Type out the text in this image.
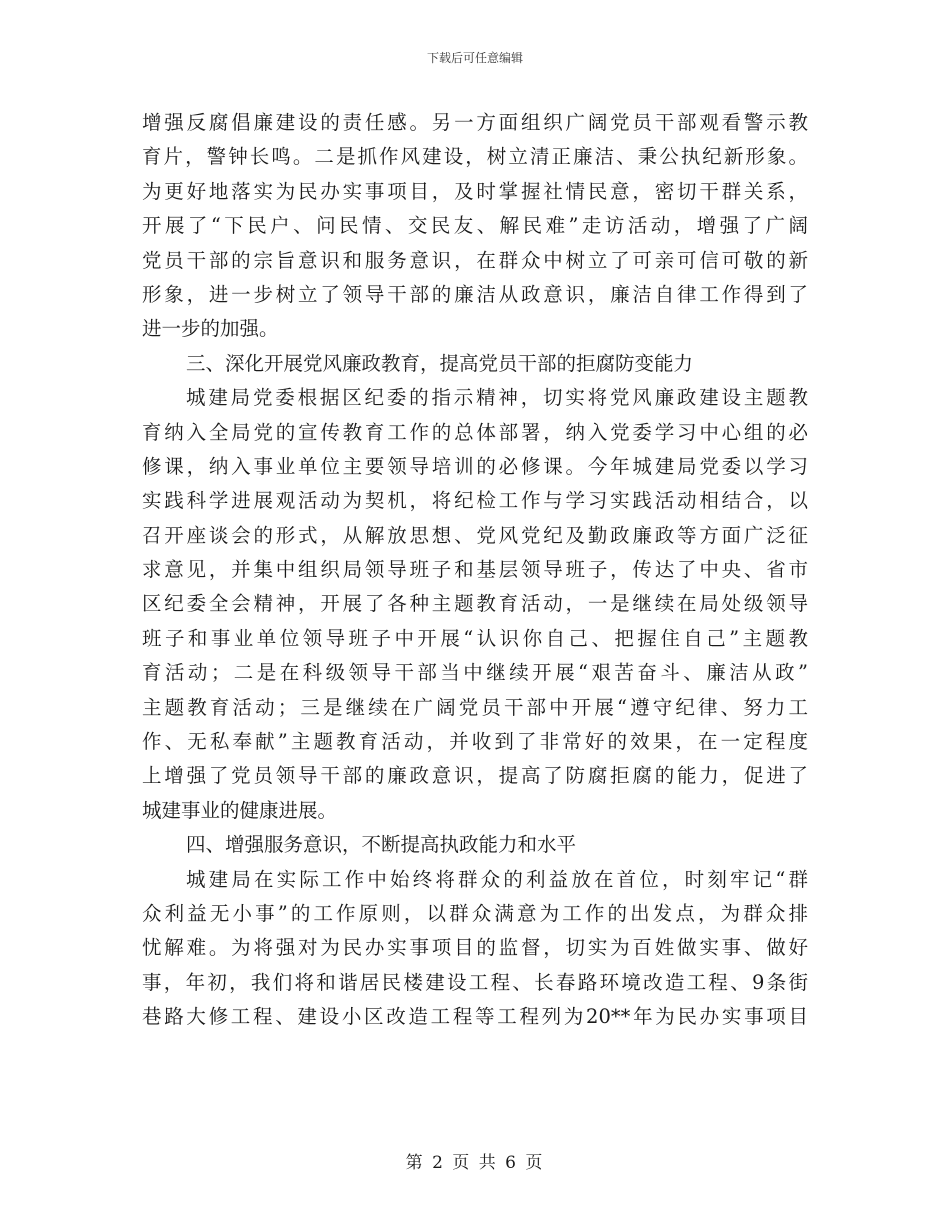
下载后可任意编辑
增强反腐倡廉建设的责任感。另一方面组织广阔党员干部观看警示教
育片，警钟长鸣。二是抓作风建设，树立清正廉洁、秉公执纪新形象。
为更好地落实为民办实事项目，及时掌握社情民意，密切干群关系，
开展了“下民户、问民情、交民友、解民难”走访活动，增强了广阔
党员干部的宗旨意识和服务意识，在群众中树立了可亲可信可敬的新
形象，进一步树立了领导干部的廉洁从政意识，廉洁自律工作得到了
进一步的加强。
三、深化开展党风廉政教育，提高党员干部的拒腐防变能力
城建局党委根据区纪委的指示精神，切实将党风廉政建设主题教
育纳入全局党的宣传教育工作的总体部署，纳入党委学习中心组的必
修课，纳入事业单位主要领导培训的必修课。今年城建局党委以学习
实践科学进展观活动为契机，将纪检工作与学习实践活动相结合，以
召开座谈会的形式，从解放思想、党风党纪及勤政廉政等方面广泛征
求意见，并集中组织局领导班子和基层领导班子，传达了中央、省市
区纪委全会精神，开展了各种主题教育活动，一是继续在局处级领导
班子和事业单位领导班子中开展“认识你自己、把握住自己”主题教
育活动；二是在科级领导干部当中继续开展“艰苦奋斗、廉洁从政”
主题教育活动；三是继续在广阔党员干部中开展“遵守纪律、努力工
作、无私奉献”主题教育活动，并收到了非常好的效果，在一定程度
上增强了党员领导干部的廉政意识，提高了防腐拒腐的能力，促进了
城建事业的健康进展。
四、增强服务意识，不断提高执政能力和水平
城建局在实际工作中始终将群众的利益放在首位，时刻牢记“群
众利益无小事”的工作原则，以群众满意为工作的出发点，为群众排
忧解难。为将强对为民办实事项目的监督，切实为百姓做实事、做好
事，年初，我们将和谐居民楼建设工程、长春路环境改造工程、9条街
巷路大修工程、建设小区改造工程等工程列为20**年为民办实事项目
第 2 页 共 6 页
